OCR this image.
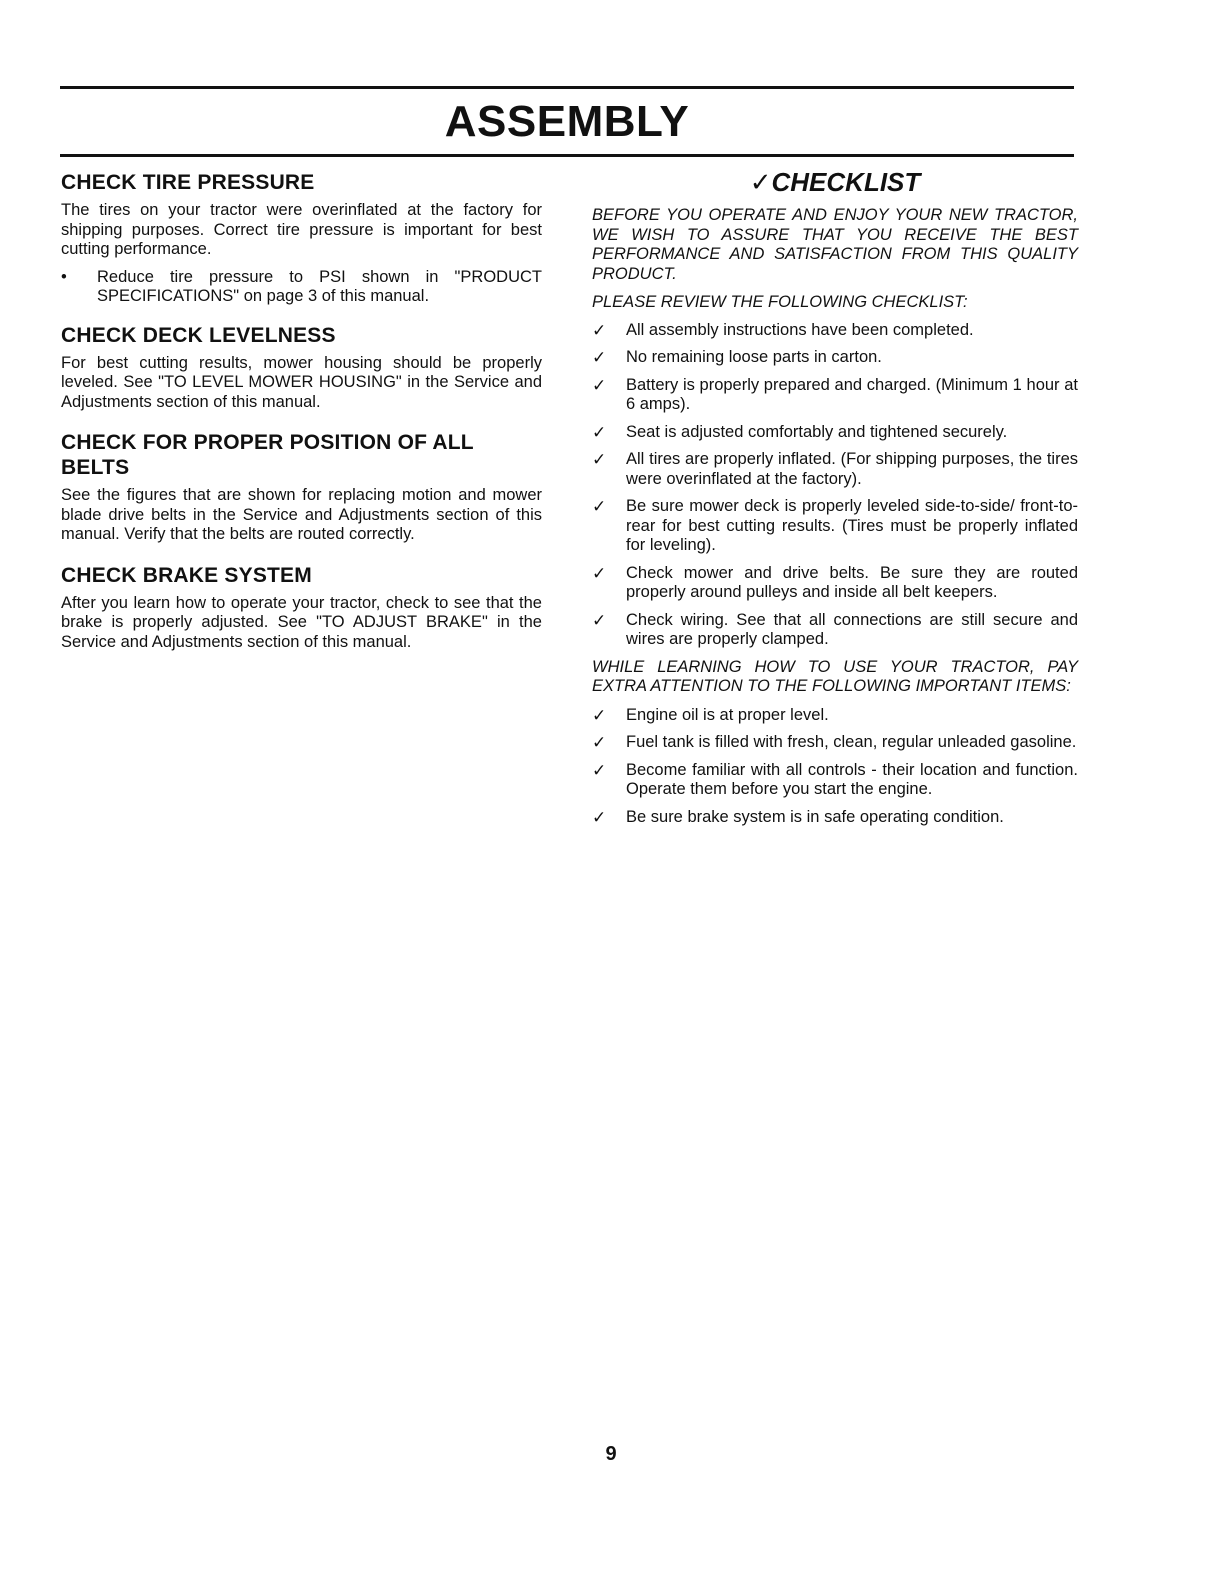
ASSEMBLY
CHECK TIRE PRESSURE

The tires on your tractor were overinflated at the factory for shipping purposes. Correct tire pressure is important for best cutting performance.

• Reduce tire pressure to PSI shown in "PRODUCT SPECIFICATIONS" on page 3 of this manual.
CHECK DECK LEVELNESS

For best cutting results, mower housing should be properly leveled. See "TO LEVEL MOWER HOUSING" in the Service and Adjustments section of this manual.

CHECK FOR PROPER POSITION OF ALL BELTS

See the figures that are shown for replacing motion and mower blade drive belts in the Service and Adjustments section of this manual. Verify that the belts are routed correctly.

CHECK BRAKE SYSTEM

After you learn how to operate your tractor, check to see that the brake is properly adjusted. See "TO ADJUST BRAKE" in the Service and Adjustments section of this manual.

✓CHECKLIST

BEFORE YOU OPERATE AND ENJOY YOUR NEW TRACTOR, WE WISH TO ASSURE THAT YOU RECEIVE THE BEST PERFORMANCE AND SATISFACTION FROM THIS QUALITY PRODUCT.

PLEASE REVIEW THE FOLLOWING CHECKLIST:

✓ All assembly instructions have been completed.
✓ No remaining loose parts in carton.
✓ Battery is properly prepared and charged. (Minimum 1 hour at 6 amps).
✓ Seat is adjusted comfortably and tightened securely.
✓ All tires are properly inflated. (For shipping purposes, the tires were overinflated at the factory).
✓ Be sure mower deck is properly leveled side-to-side/ front-to-rear for best cutting results. (Tires must be properly inflated for leveling).
✓ Check mower and drive belts. Be sure they are routed properly around pulleys and inside all belt keepers.
✓ Check wiring. See that all connections are still secure and wires are properly clamped.

WHILE LEARNING HOW TO USE YOUR TRACTOR, PAY EXTRA ATTENTION TO THE FOLLOWING IMPORTANT ITEMS:

✓ Engine oil is at proper level.
✓ Fuel tank is filled with fresh, clean, regular unleaded gasoline.
✓ Become familiar with all controls - their location and function. Operate them before you start the engine.
✓ Be sure brake system is in safe operating condition.
9
